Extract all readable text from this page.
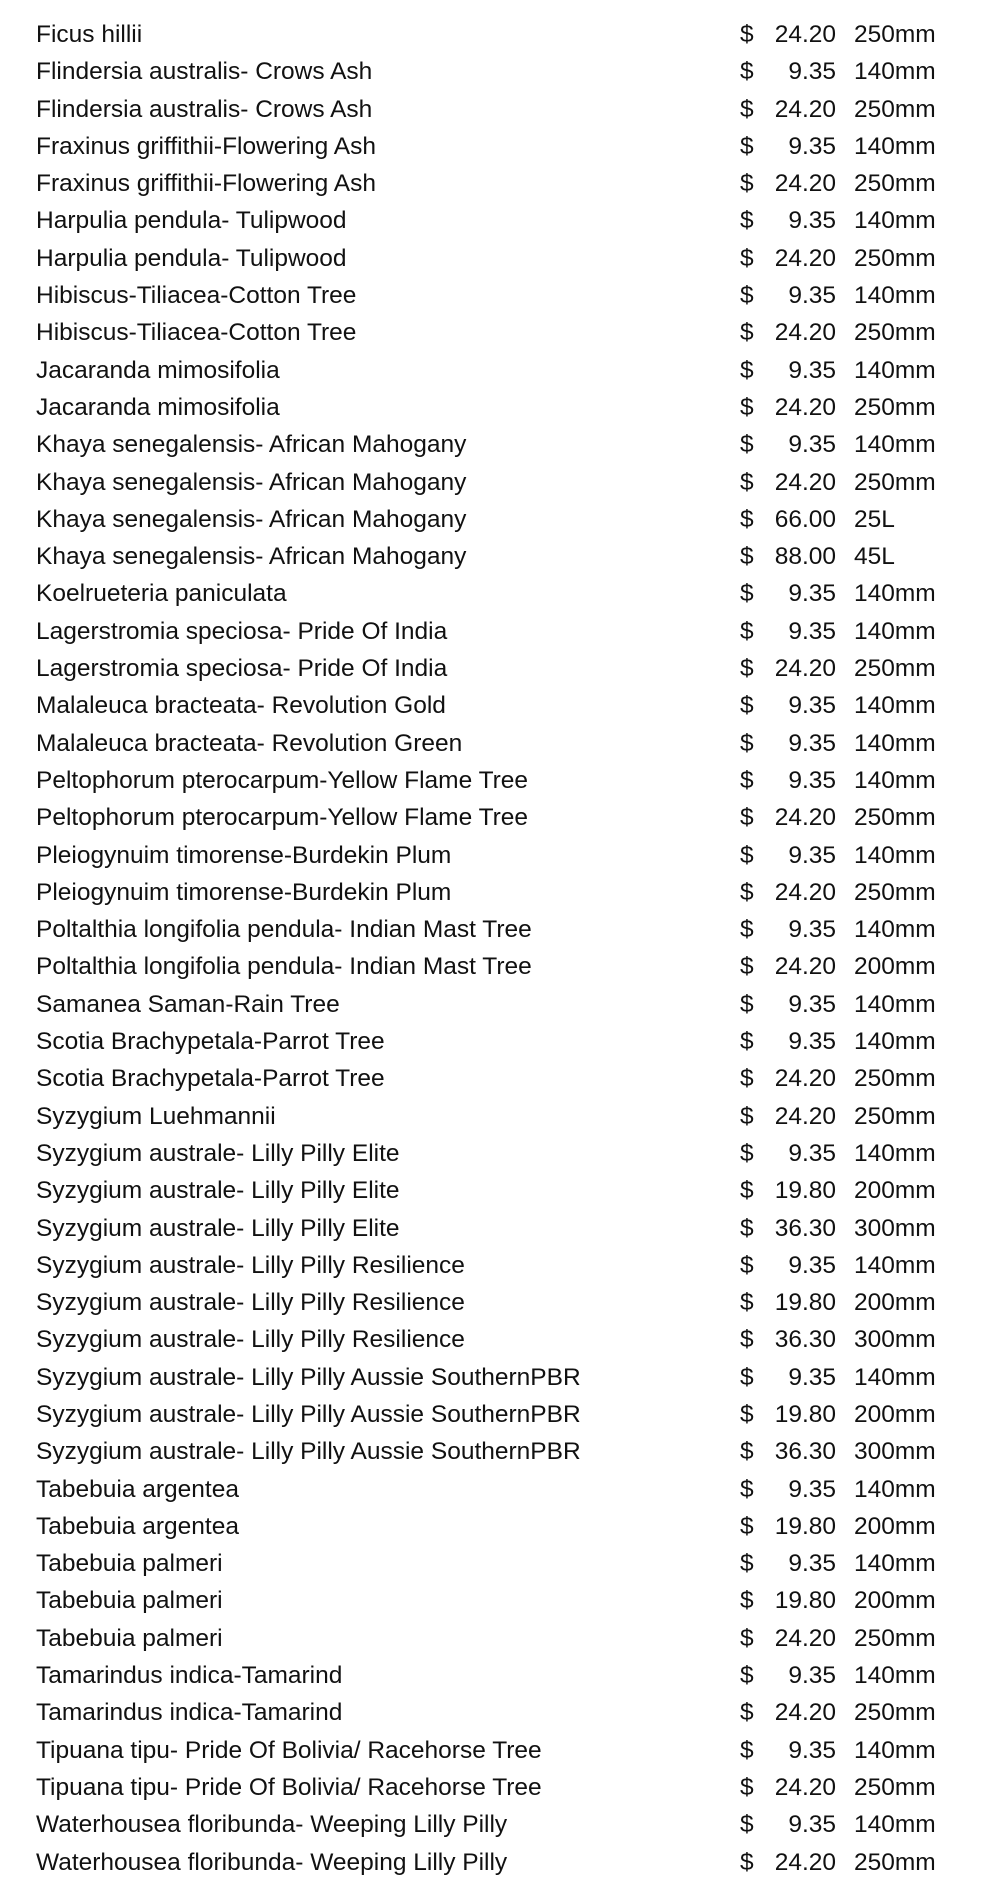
Ficus hillii	$ 24.20 250mm
Flindersia australis- Crows Ash	$	9.35 140mm
Flindersia australis- Crows Ash	$ 24.20 250mm
Fraxinus griffithii-Flowering Ash	$	9.35 140mm
Fraxinus griffithii-Flowering Ash	$ 24.20 250mm
Harpulia pendula- Tulipwood	$	9.35 140mm
Harpulia pendula- Tulipwood	$ 24.20 250mm
Hibiscus-Tiliacea-Cotton Tree	$	9.35 140mm
Hibiscus-Tiliacea-Cotton Tree	$ 24.20 250mm
Jacaranda mimosifolia	$	9.35 140mm
Jacaranda mimosifolia	$ 24.20 250mm
Khaya senegalensis- African Mahogany	$	9.35 140mm
Khaya senegalensis- African Mahogany	$ 24.20 250mm
Khaya senegalensis- African Mahogany	$ 66.00 25L
Khaya senegalensis- African Mahogany	$ 88.00 45L
Koelrueteria paniculata	$	9.35 140mm
Lagerstromia speciosa- Pride Of India	$	9.35 140mm
Lagerstromia speciosa- Pride Of India	$ 24.20 250mm
Malaleuca bracteata- Revolution Gold	$	9.35 140mm
Malaleuca bracteata- Revolution Green	$	9.35 140mm
Peltophorum pterocarpum-Yellow Flame Tree	$	9.35 140mm
Peltophorum pterocarpum-Yellow Flame Tree	$ 24.20 250mm
Pleiogynuim timorense-Burdekin Plum	$	9.35 140mm
Pleiogynuim timorense-Burdekin Plum	$ 24.20 250mm
Poltalthia longifolia pendula- Indian Mast Tree	$	9.35 140mm
Poltalthia longifolia pendula- Indian Mast Tree	$ 24.20 200mm
Samanea Saman-Rain Tree	$	9.35 140mm
Scotia Brachypetala-Parrot Tree	$	9.35 140mm
Scotia Brachypetala-Parrot Tree	$ 24.20 250mm
Syzygium Luehmannii	$ 24.20 250mm
Syzygium australe- Lilly Pilly Elite	$	9.35 140mm
Syzygium australe- Lilly Pilly Elite	$ 19.80 200mm
Syzygium australe- Lilly Pilly Elite	$ 36.30 300mm
Syzygium australe- Lilly Pilly Resilience	$	9.35 140mm
Syzygium australe- Lilly Pilly Resilience	$ 19.80 200mm
Syzygium australe- Lilly Pilly Resilience	$ 36.30 300mm
Syzygium australe- Lilly Pilly Aussie SouthernPBR	$	9.35 140mm
Syzygium australe- Lilly Pilly Aussie SouthernPBR	$ 19.80 200mm
Syzygium australe- Lilly Pilly Aussie SouthernPBR	$ 36.30 300mm
Tabebuia argentea	$	9.35 140mm
Tabebuia argentea	$ 19.80 200mm
Tabebuia palmeri	$	9.35 140mm
Tabebuia palmeri	$ 19.80 200mm
Tabebuia palmeri	$ 24.20 250mm
Tamarindus indica-Tamarind	$	9.35 140mm
Tamarindus indica-Tamarind	$ 24.20 250mm
Tipuana tipu- Pride Of Bolivia/ Racehorse Tree	$	9.35 140mm
Tipuana tipu- Pride Of Bolivia/ Racehorse Tree	$ 24.20 250mm
Waterhousea floribunda- Weeping Lilly Pilly	$	9.35 140mm
Waterhousea floribunda- Weeping Lilly Pilly	$ 24.20 250mm
